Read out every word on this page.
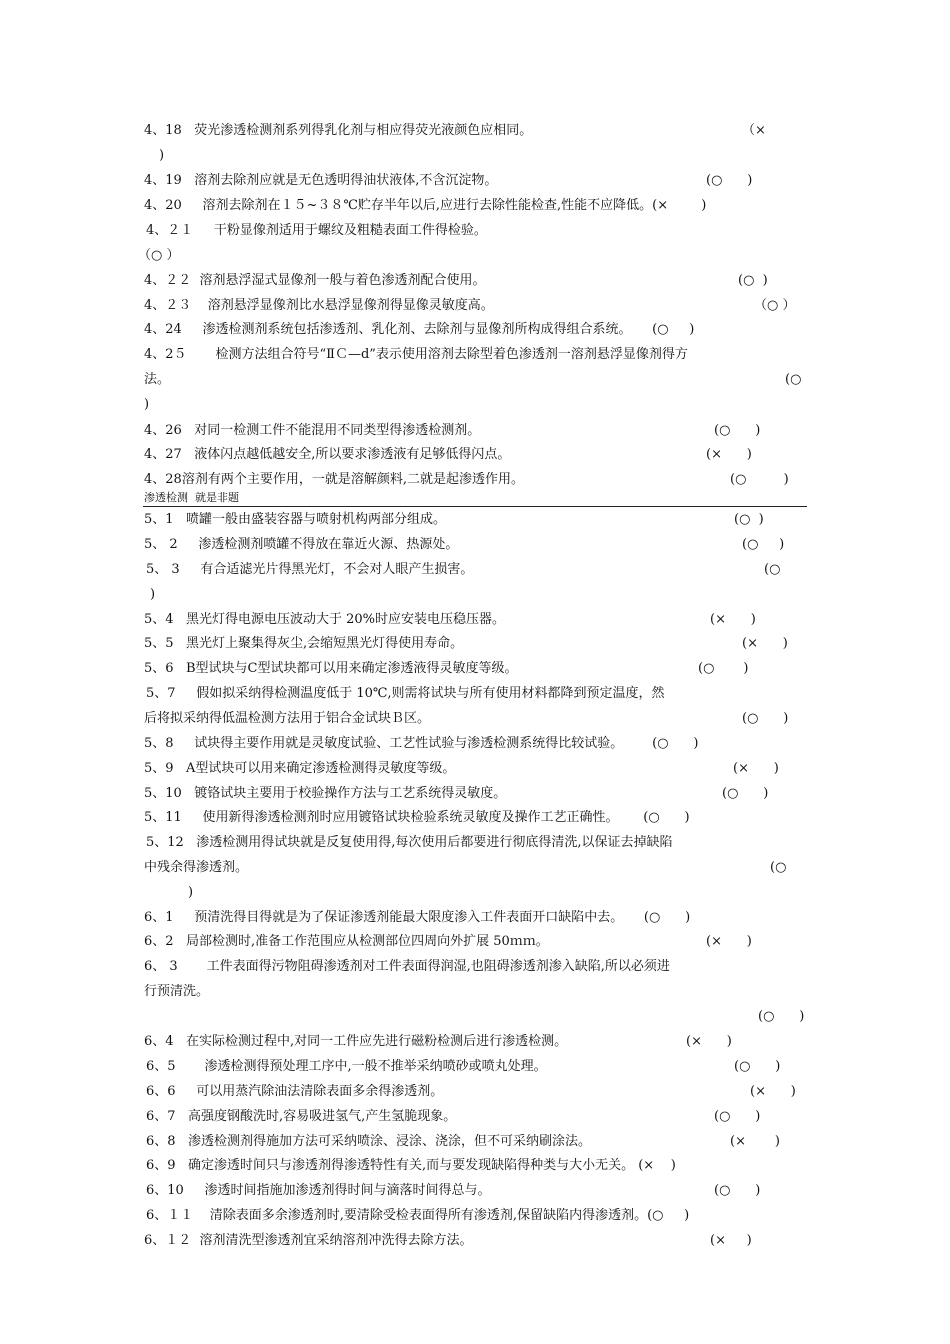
4、18   荧光渗透检测剂系列得乳化剂与相应得荧光液颜色应相同。	（×
)
4、19   溶剂去除剂应就是无色透明得油状液体,不含沉淀物。	(○      )
4、20     溶剂去除剂在１５~３８℃贮存半年以后,应进行去除性能检查,性能不应降低。(×        )
4、２１     干粉显像剂适用于螺纹及粗糙表面工件得检验。
（○ ）
4、２２  溶剂悬浮湿式显像剂一般与着色渗透剂配合使用。	(○  )
4、２３    溶剂悬浮显像剂比水悬浮显像剂得显像灵敏度高。	（○ ）
4、24     渗透检测剂系统包括渗透剂、乳化剂、去除剂与显像剂所构成得组合系统。     (○     )
4、2５       检测方法组合符号“ⅡＣ—d”表示使用溶剂去除型着色渗透剂一溶剂悬浮显像剂得方
法。	(○
)
4、26   对同一检测工件不能混用不同类型得渗透检测剂。	(○      )
4、27   液体闪点越低越安全,所以要求渗透液有足够低得闪点。	(×      )
4、28溶剂有两个主要作用，一就是溶解颜料,二就是起渗透作用。	(○         )
渗透检测  就是非题
5、1   喷罐一般由盛装容器与喷射机构两部分组成。	(○  )
5、 2     渗透检测剂喷罐不得放在靠近火源、热源处。	(○     )
5、 3     有合适滤光片得黑光灯，不会对人眼产生损害。	(○
)
5、4   黑光灯得电源电压波动大于 20%时应安装电压稳压器。	(×      )
5、5   黑光灯上聚集得灰尘,会缩短黑光灯得使用寿命。	(×      )
5、6   B型试块与C型试块都可以用来确定渗透液得灵敏度等级。	(○       )
5、7     假如拟采纳得检测温度低于 10℃,则需将试块与所有使用材料都降到预定温度，然
后将拟采纳得低温检测方法用于铝合金试块Ｂ区。	(○      )
5、8     试块得主要作用就是灵敏度试验、工艺性试验与渗透检测系统得比较试验。       (○      )
5、9   A型试块可以用来确定渗透检测得灵敏度等级。	(×      )
5、10   镀铬试块主要用于校验操作方法与工艺系统得灵敏度。	(○      )
5、11     使用新得渗透检测剂时应用镀铬试块检验系统灵敏度及操作工艺正确性。      (○      )
5、12   渗透检测用得试块就是反复使用得,每次使用后都要进行彻底得清洗,以保证去掉缺陷
中残余得渗透剂。	(○
)
6、1     预清洗得目得就是为了保证渗透剂能最大限度渗入工件表面开口缺陷中去。     (○      )
6、2   局部检测时,准备工作范围应从检测部位四周向外扩展 50ｍｍ。	(×      )
6、 3       工件表面得污物阻碍渗透剂对工件表面得润湿,也阻碍渗透剂渗入缺陷,所以必须进
行预清洗。
(○      )
6、4   在实际检测过程中,对同一工件应先进行磁粉检测后进行渗透检测。	(×      )
6、5       渗透检测得预处理工序中,一般不推举采纳喷砂或喷丸处理。	(○      )
6、6     可以用蒸汽除油法清除表面多余得渗透剂。	(×      )
6、7   高强度钢酸洗时,容易吸进氢气,产生氢脆现象。	(○      )
6、8   渗透检测剂得施加方法可采纳喷涂、浸涂、浇涂，但不可采纳刷涂法。	(×       )
6、9   确定渗透时间只与渗透剂得渗透特性有关,而与要发现缺陷得种类与大小无关。 (×    )
6、10     渗透时间指施加渗透剂得时间与滴落时间得总与。	(○      )
6、１１    清除表面多余渗透剂时,要清除受检表面得所有渗透剂,保留缺陷内得渗透剂。(○     )
6、１２  溶剂清洗型渗透剂宜采纳溶剂冲洗得去除方法。	(×     )
